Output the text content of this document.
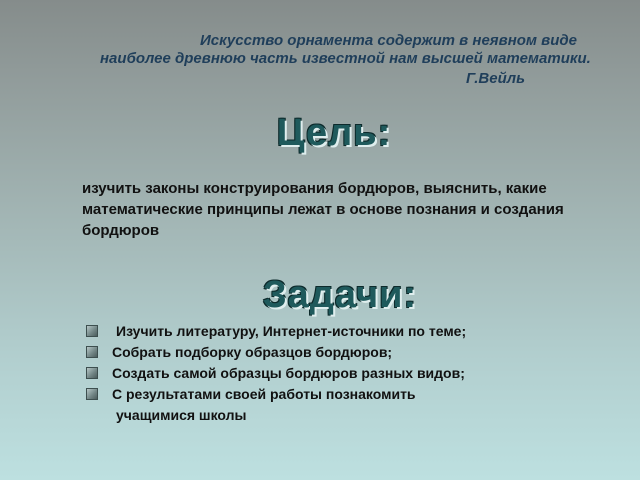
Искусство орнамента содержит в неявном виде
наиболее древнюю часть известной нам высшей математики.
Г.Вейль
Цель:
изучить законы конструирования бордюров, выяснить, какие математические принципы лежат в основе познания и создания бордюров
Задачи:
Изучить литературу, Интернет-источники по теме;
Собрать подборку образцов бордюров;
Создать самой образцы бордюров разных видов;
С результатами своей работы познакомить
учащимися школы
